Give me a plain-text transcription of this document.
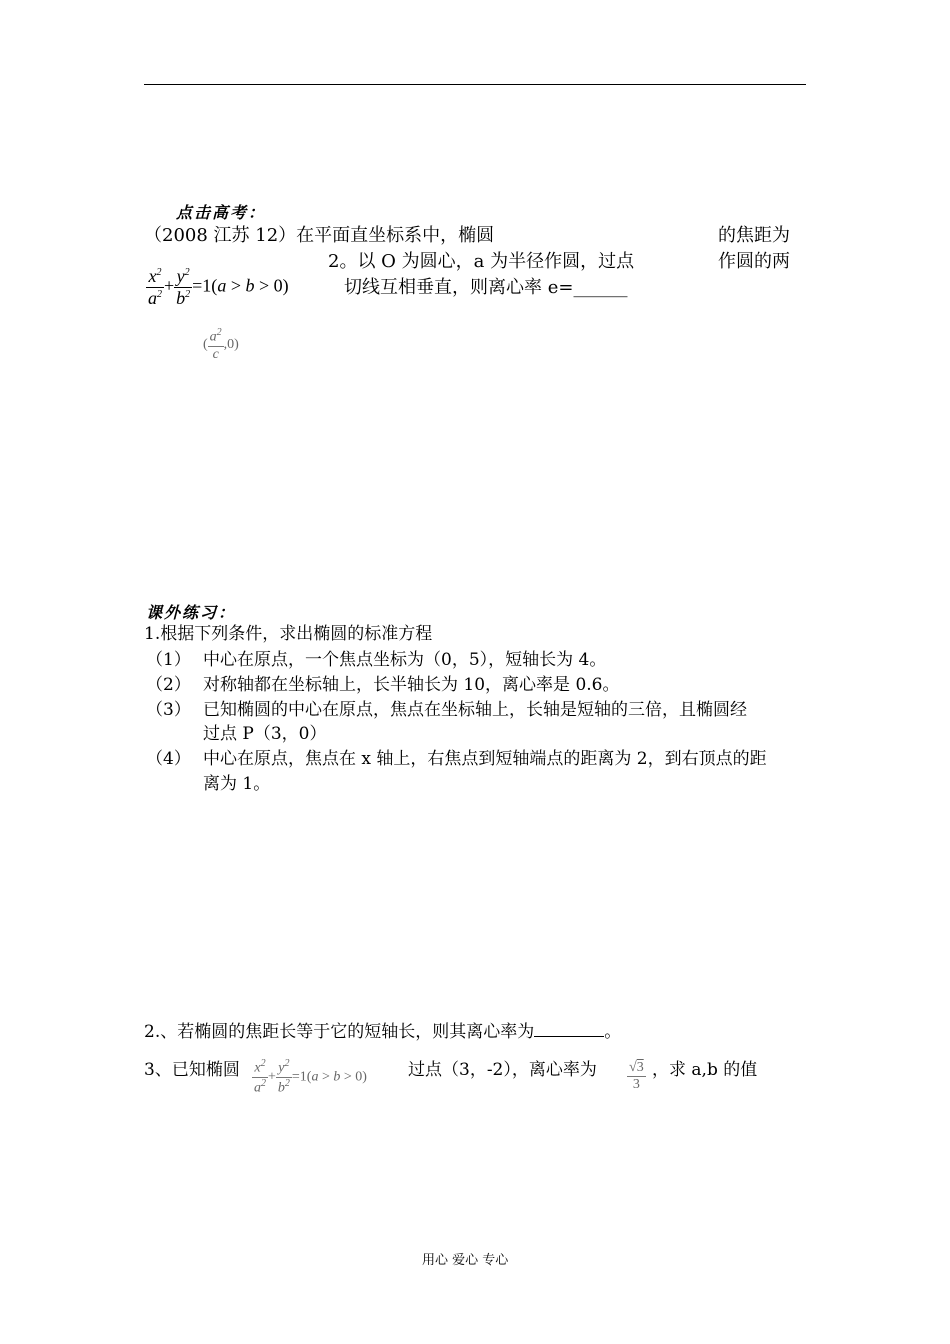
点击高考：
（2008 江苏 12）在平面直坐标系中，椭圆	的焦距为
2。以 O 为圆心，a 为半径作圆，过点	作圆的两
切线互相垂直，则离心率 e=______
$\frac{x^2}{a^2} + \frac{y^2}{b^2} =1(a > b > 0)$
( $\frac{a^2}{c} ,0$)
课外练习：
1.根据下列条件，求出椭圆的标准方程
（1） 中心在原点，一个焦点坐标为（0，5），短轴长为 4。
（2） 对称轴都在坐标轴上，长半轴长为 10，离心率是 0.6。
（3） 已知椭圆的中心在原点，焦点在坐标轴上，长轴是短轴的三倍，且椭圆经
过点 P（3，0）
（4） 中心在原点，焦点在 x 轴上，右焦点到短轴端点的距离为 2，到右顶点的距
离为 1。
2.、若椭圆的焦距长等于它的短轴长，则其离心率为	。
3、已知椭圆 $\frac{x^2}{a^2} + \frac{y^2}{b^2} =1(a > b > 0)$ 过点（3，-2），离心率为 $\frac{√3}{3}$ ，求 a,b 的值
用心 爱心 专心
